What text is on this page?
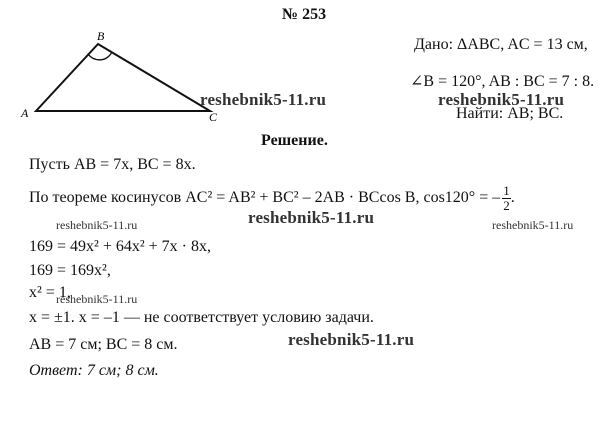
№ 253
A
B
C
Дано: ΔABC, AC = 13 см,
∠B = 120°, AB : BC = 7 : 8.
Найти: AB; BC.
Решение.
Пусть AB = 7x, BC = 8x.
По теореме косинусов AC² = AB² + BC² – 2AB · BCcos B, cos120° = – $\frac{1}{2}$ .
169 = 49x² + 64x² + 7x · 8x,
169 = 169x²,
x² = 1,
x = ±1. x = –1 — не соответствует условию задачи.
AB = 7 см; BC = 8 см.
Ответ: 7 см; 8 см.
reshebnik5-11.ru	reshebnik5-11.ru
reshebnik5-11.ru
reshebnik5-11.ru
reshebnik5-11.ru	reshebnik5-11.ru
reshebnik5-11.ru
